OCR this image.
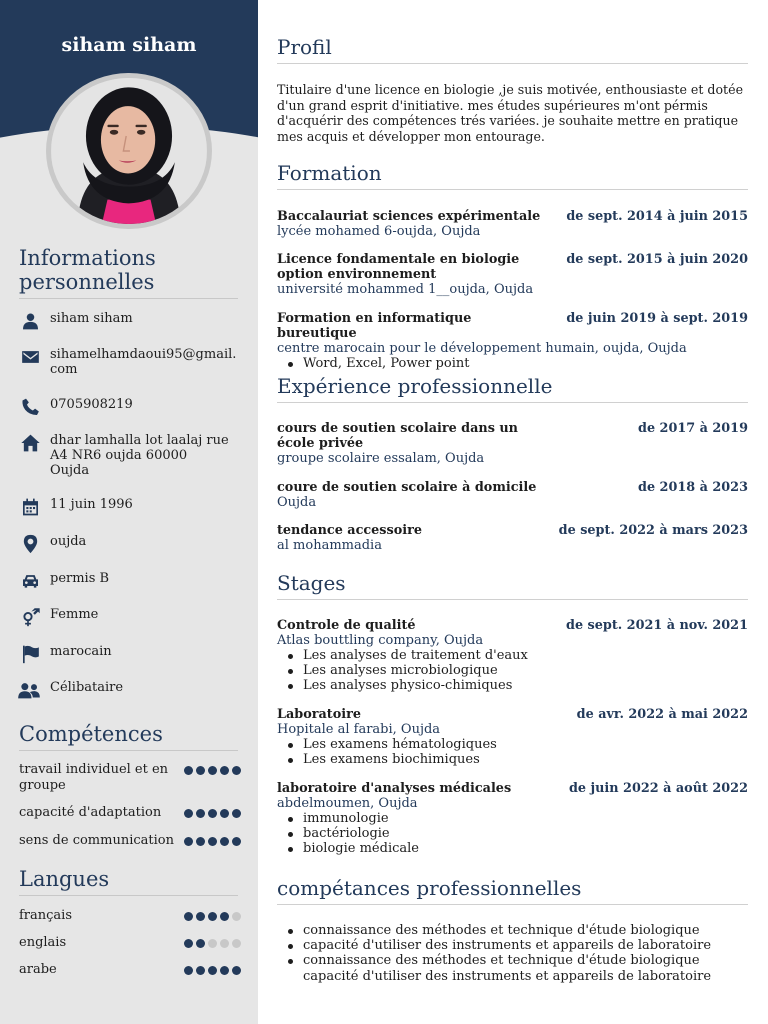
siham siham
Informations personnelles
siham siham
sihamelhamdaoui95@gmail.com
0705908219
dhar lamhalla lot laalaj rue A4 NR6 oujda 60000 Oujda
11 juin 1996
oujda
permis B
Femme
marocain
Célibataire
Compétences
travail individuel et en groupe
capacité d'adaptation
sens de communication
Langues
français
englais
arabe
Profil
Titulaire d'une licence en biologie ,je suis motivée, enthousiaste et dotée d'un grand esprit d'initiative. mes études supérieures m'ont pérmis d'acquérir des compétences trés variées. je souhaite mettre en pratique mes acquis et développer mon entourage.
Formation
Baccalauriat sciences expérimentale de sept. 2014 à juin 2015
lycée mohamed 6-oujda, Oujda
Licence fondamentale en biologie option environnement
de sept. 2015 à juin 2020
université mohammed 1__oujda, Oujda
Formation en informatique bureutique
de juin 2019 à sept. 2019
centre marocain pour le développement humain, oujda, Oujda
Word, Excel, Power point
Expérience professionnelle
cours de soutien scolaire dans un école privée
de 2017 à 2019
groupe scolaire essalam, Oujda
coure de soutien scolaire à domicile	de 2018 à 2023
Oujda
tendance accessoire	de sept. 2022 à mars 2023
al mohammadia
Stages
Controle de qualité	de sept. 2021 à nov. 2021
Atlas bouttling company, Oujda
Les analyses de traitement d'eaux
Les analyses microbiologique
Les analyses physico-chimiques
Laboratoire	de avr. 2022 à mai 2022
Hopitale al farabi, Oujda
Les examens hématologiques
Les examens biochimiques
laboratoire d'analyses médicales	de juin 2022 à août 2022
abdelmoumen, Oujda
immunologie
bactériologie
biologie médicale
compétances professionnelles
connaissance des méthodes et technique d'étude biologique
capacité d'utiliser des instruments et appareils de laboratoire
connaissance des méthodes et technique d'étude biologique capacité d'utiliser des instruments et appareils de laboratoire
